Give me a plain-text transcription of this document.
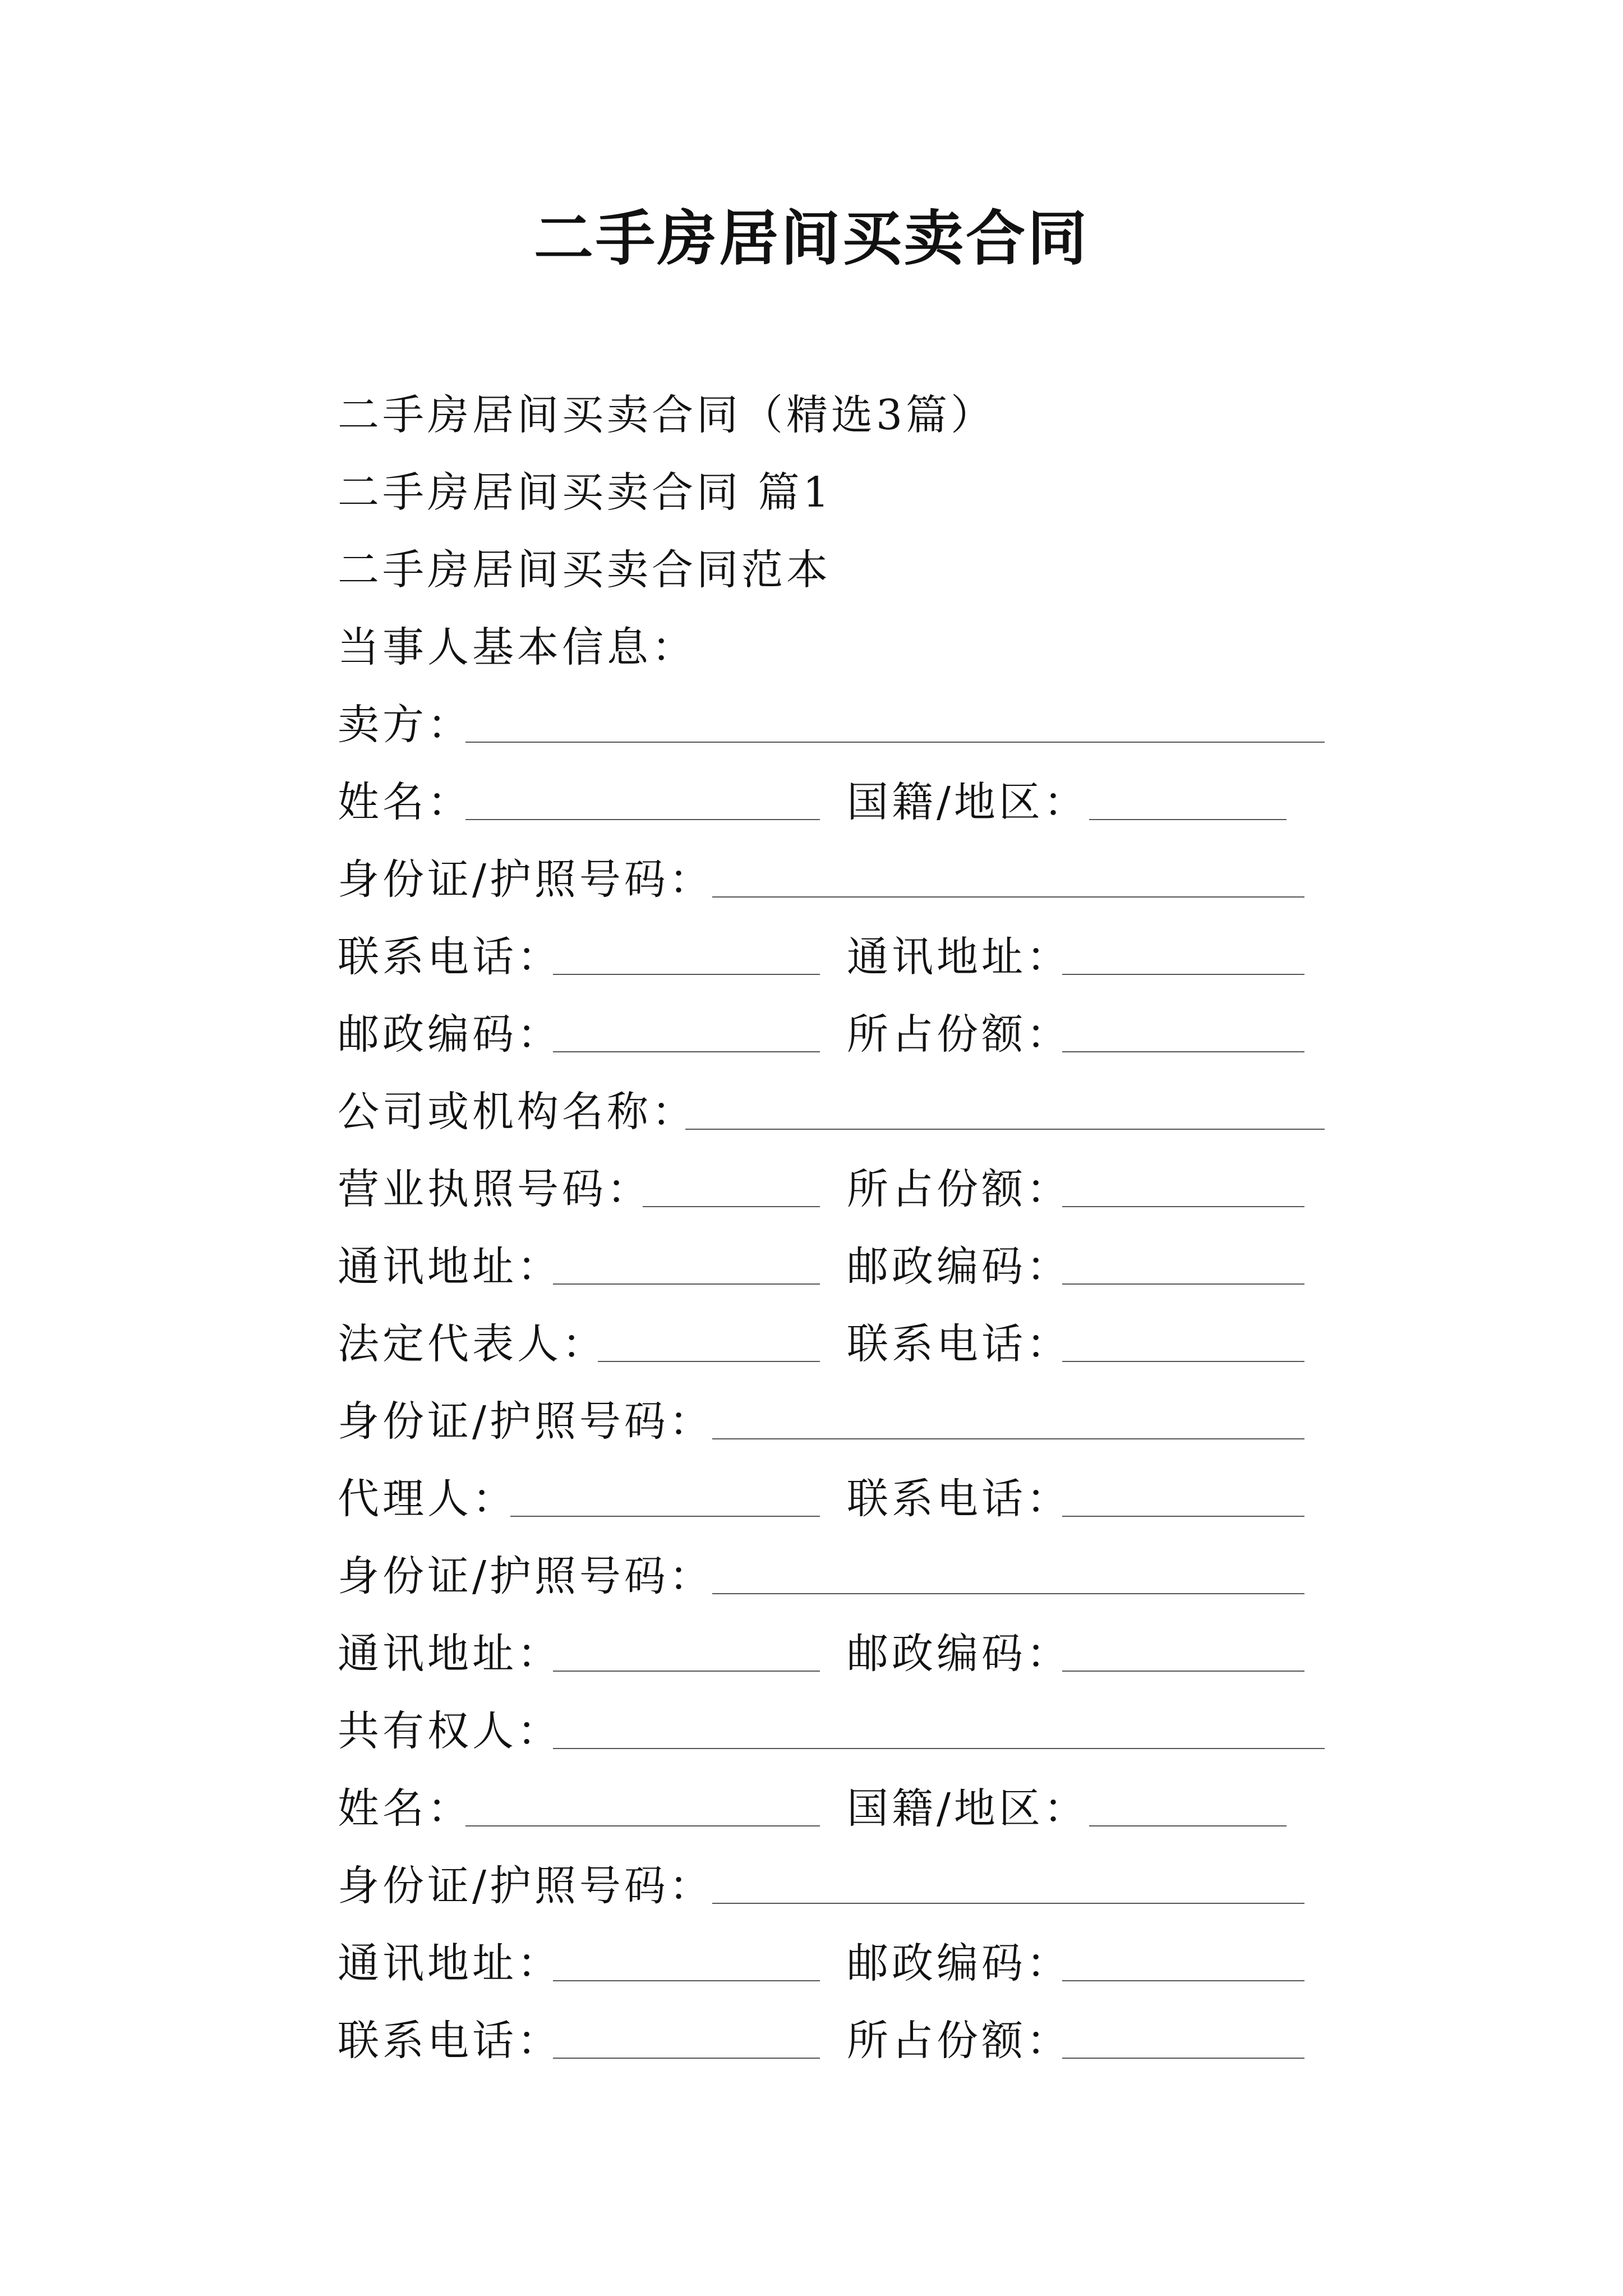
二手房居间买卖合同
二手房居间买卖合同（精选3篇）
二手房居间买卖合同 篇1
二手房居间买卖合同范本
当事人基本信息：
卖方：
姓名：	国籍/地区：
身份证/护照号码：
联系电话：	通讯地址：
邮政编码：	所占份额：
公司或机构名称：
营业执照号码：	所占份额：
通讯地址：	邮政编码：
法定代表人：	联系电话：
身份证/护照号码：
代理人：	联系电话：
身份证/护照号码：
通讯地址：	邮政编码：
共有权人：
姓名：	国籍/地区：
身份证/护照号码：
通讯地址：	邮政编码：
联系电话：	所占份额：
